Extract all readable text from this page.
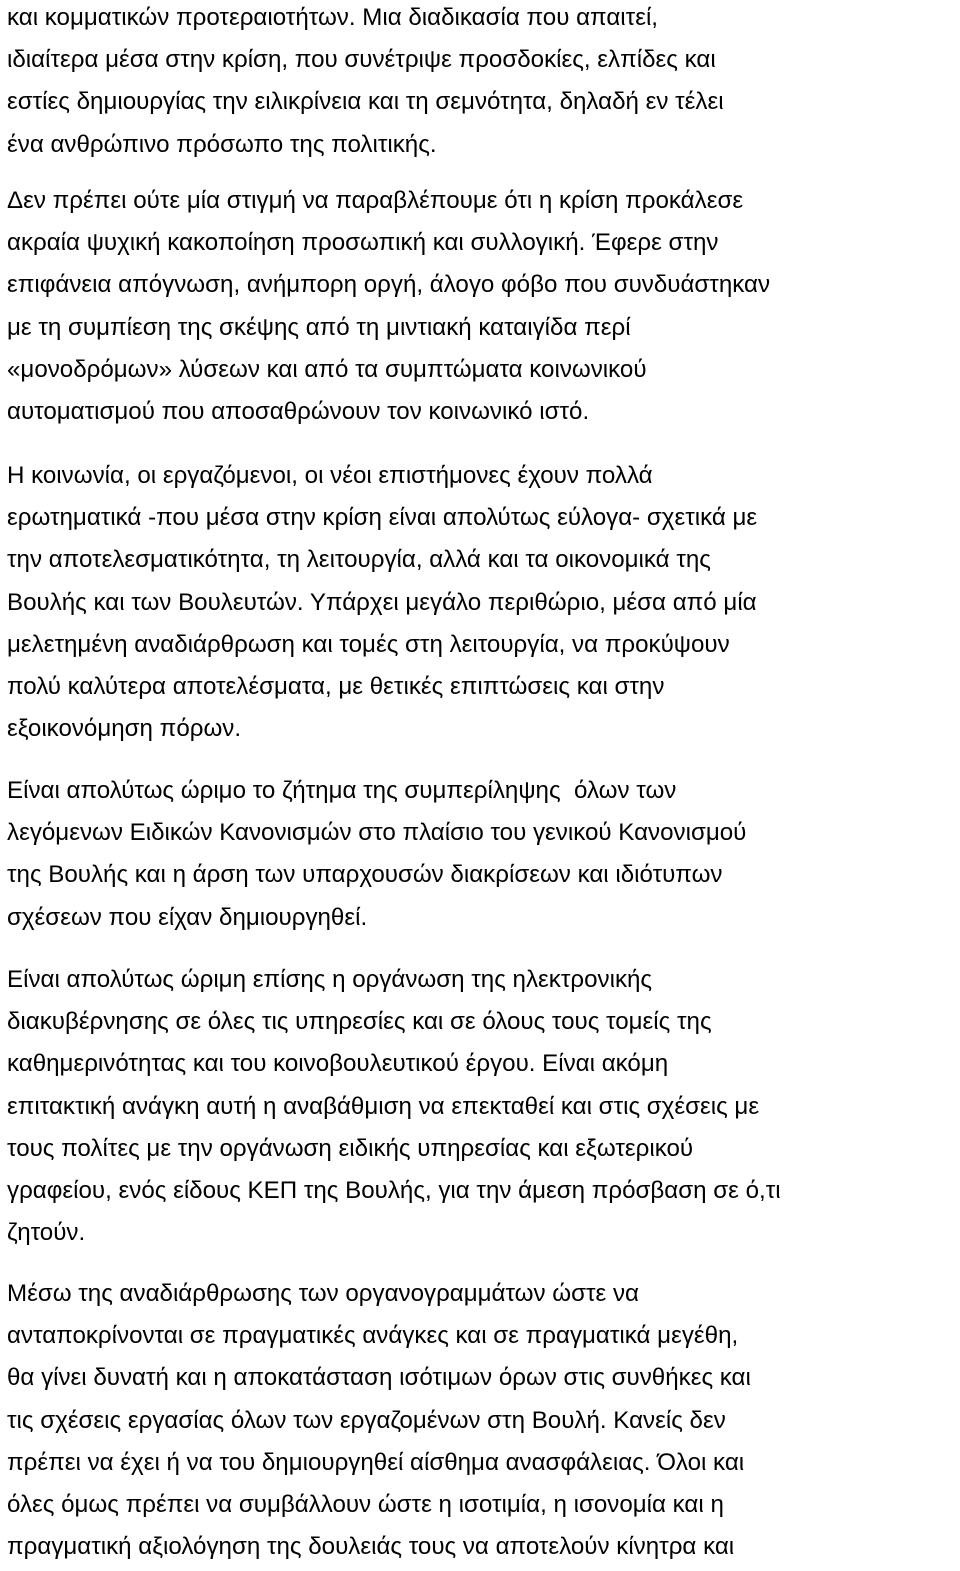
και κομματικών προτεραιοτήτων. Μια διαδικασία που απαιτεί,
ιδιαίτερα μέσα στην κρίση, που συνέτριψε προσδοκίες, ελπίδες και
εστίες δημιουργίας την ειλικρίνεια και τη σεμνότητα, δηλαδή εν τέλει
ένα ανθρώπινο πρόσωπο της πολιτικής.
Δεν πρέπει ούτε μία στιγμή να παραβλέπουμε ότι η κρίση προκάλεσε
ακραία ψυχική κακοποίηση προσωπική και συλλογική. Έφερε στην
επιφάνεια απόγνωση, ανήμπορη οργή, άλογο φόβο που συνδυάστηκαν
με τη συμπίεση της σκέψης από τη μιντιακή καταιγίδα περί
«μονοδρόμων» λύσεων και από τα συμπτώματα κοινωνικού
αυτοματισμού που αποσαθρώνουν τον κοινωνικό ιστό.
Η κοινωνία, οι εργαζόμενοι, οι νέοι επιστήμονες έχουν πολλά
ερωτηματικά -που μέσα στην κρίση είναι απολύτως εύλογα- σχετικά με
την αποτελεσματικότητα, τη λειτουργία, αλλά και τα οικονομικά της
Βουλής και των Βουλευτών. Υπάρχει μεγάλο περιθώριο, μέσα από μία
μελετημένη αναδιάρθρωση και τομές στη λειτουργία, να προκύψουν
πολύ καλύτερα αποτελέσματα, με θετικές επιπτώσεις και στην
εξοικονόμηση πόρων.
Είναι απολύτως ώριμο το ζήτημα της συμπερίληψης  όλων των
λεγόμενων Ειδικών Κανονισμών στο πλαίσιο του γενικού Κανονισμού
της Βουλής και η άρση των υπαρχουσών διακρίσεων και ιδιότυπων
σχέσεων που είχαν δημιουργηθεί.
Είναι απολύτως ώριμη επίσης η οργάνωση της ηλεκτρονικής
διακυβέρνησης σε όλες τις υπηρεσίες και σε όλους τους τομείς της
καθημερινότητας και του κοινοβουλευτικού έργου. Είναι ακόμη
επιτακτική ανάγκη αυτή η αναβάθμιση να επεκταθεί και στις σχέσεις με
τους πολίτες με την οργάνωση ειδικής υπηρεσίας και εξωτερικού
γραφείου, ενός είδους ΚΕΠ της Βουλής, για την άμεση πρόσβαση σε ό,τι
ζητούν.
Μέσω της αναδιάρθρωσης των οργανογραμμάτων ώστε να
ανταποκρίνονται σε πραγματικές ανάγκες και σε πραγματικά μεγέθη,
θα γίνει δυνατή και η αποκατάσταση ισότιμων όρων στις συνθήκες και
τις σχέσεις εργασίας όλων των εργαζομένων στη Βουλή. Κανείς δεν
πρέπει να έχει ή να του δημιουργηθεί αίσθημα ανασφάλειας. Όλοι και
όλες όμως πρέπει να συμβάλλουν ώστε η ισοτιμία, η ισονομία και η
πραγματική αξιολόγηση της δουλειάς τους να αποτελούν κίνητρα και
